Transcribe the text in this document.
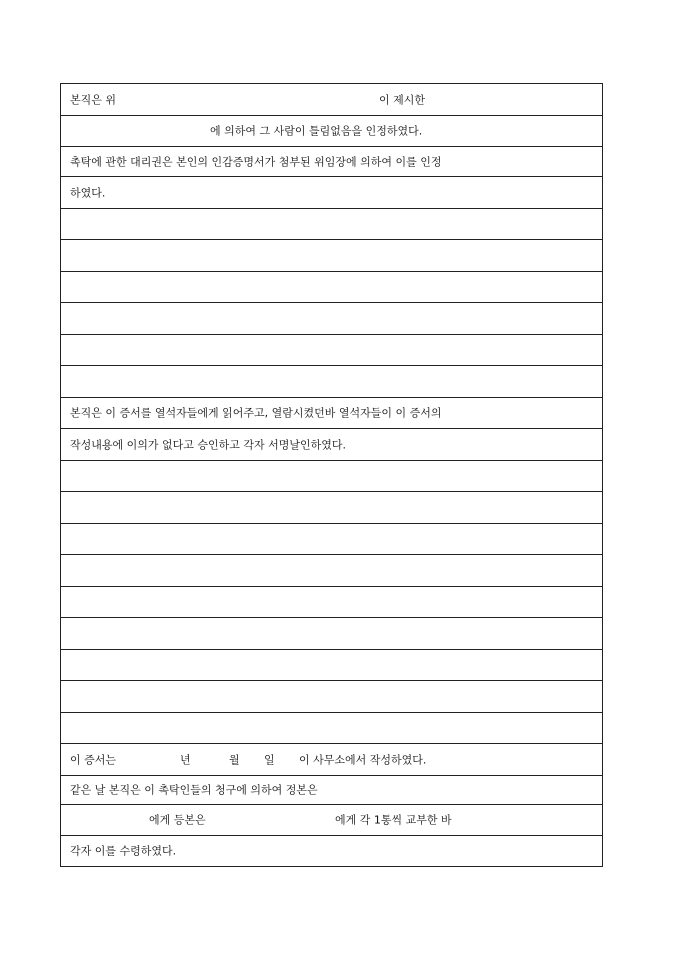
본직은 위	이 제시한
에 의하여 그 사람이 틀림없음을 인정하였다.
촉탁에 관한 대리권은 본인의 인감증명서가 첨부된 위임장에 의하여 이를 인정
하였다.
본직은 이 증서를 열석자들에게 읽어주고, 열람시켰던바 열석자들이 이 증서의
작성내용에 이의가 없다고 승인하고 각자 서명날인하였다.
이 증서는	년	월 일 이 사무소에서 작성하였다.
같은 날 본직은 이 촉탁인들의 청구에 의하여 정본은
에게 등본은	에게 각 1통씩 교부한 바
각자 이를 수령하였다.
